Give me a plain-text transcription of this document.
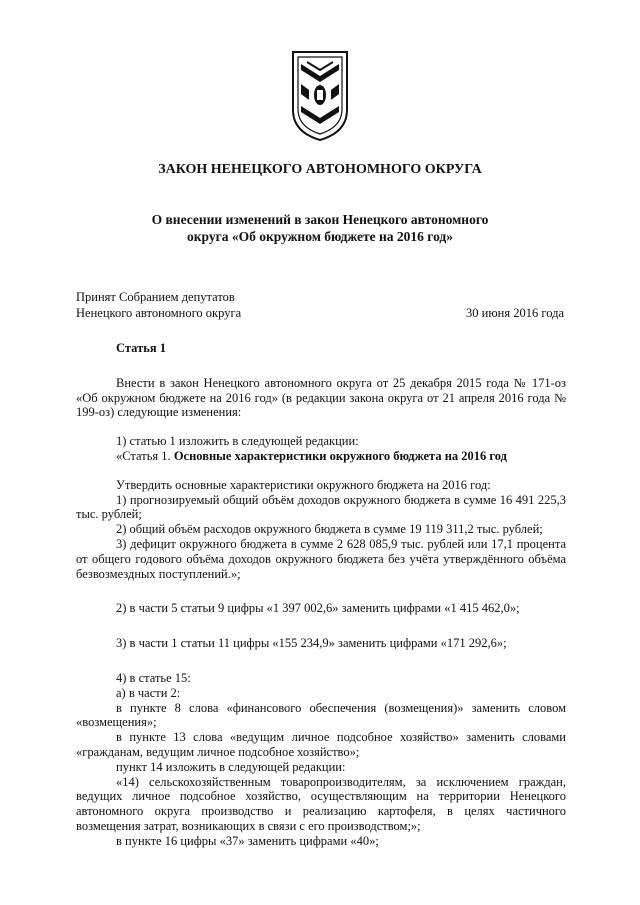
ЗАКОН НЕНЕЦКОГО АВТОНОМНОГО ОКРУГА
О внесении изменений в закон Ненецкого автономного
округа «Об окружном бюджете на 2016 год»
Принят Собранием депутатов
Ненецкого автономного округа	30 июня 2016 года

Статья 1

Внести в закон Ненецкого автономного округа от 25 декабря 2015 года № 171-оз «Об окружном бюджете на 2016 год» (в редакции закона округа от 21 апреля 2016 года № 199-оз) следующие изменения:

1) статью 1 изложить в следующей редакции:

«Статья 1. Основные характеристики окружного бюджета на 2016 год

Утвердить основные характеристики окружного бюджета на 2016 год:

1) прогнозируемый общий объём доходов окружного бюджета в сумме 16 491 225,3 тыс. рублей;

2) общий объём расходов окружного бюджета в сумме 19 119 311,2 тыс. рублей;

3) дефицит окружного бюджета в сумме 2 628 085,9 тыс. рублей или 17,1 процента от общего годового объёма доходов окружного бюджета без учёта утверждённого объёма безвозмездных поступлений.»;

2) в части 5 статьи 9 цифры «1 397 002,6» заменить цифрами «1 415 462,0»;

3) в части 1 статьи 11 цифры «155 234,9» заменить цифрами «171 292,6»;

4) в статье 15:

а) в части 2:

в пункте 8 слова «финансового обеспечения (возмещения)» заменить словом «возмещения»;

в пункте 13 слова «ведущим личное подсобное хозяйство» заменить словами «гражданам, ведущим личное подсобное хозяйство»;

пункт 14 изложить в следующей редакции:

«14) сельскохозяйственным товаропроизводителям, за исключением граждан, ведущих личное подсобное хозяйство, осуществляющим на территории Ненецкого автономного округа производство и реализацию картофеля, в целях частичного возмещения затрат, возникающих в связи с его производством;»;

в пункте 16 цифры «37» заменить цифрами «40»;
